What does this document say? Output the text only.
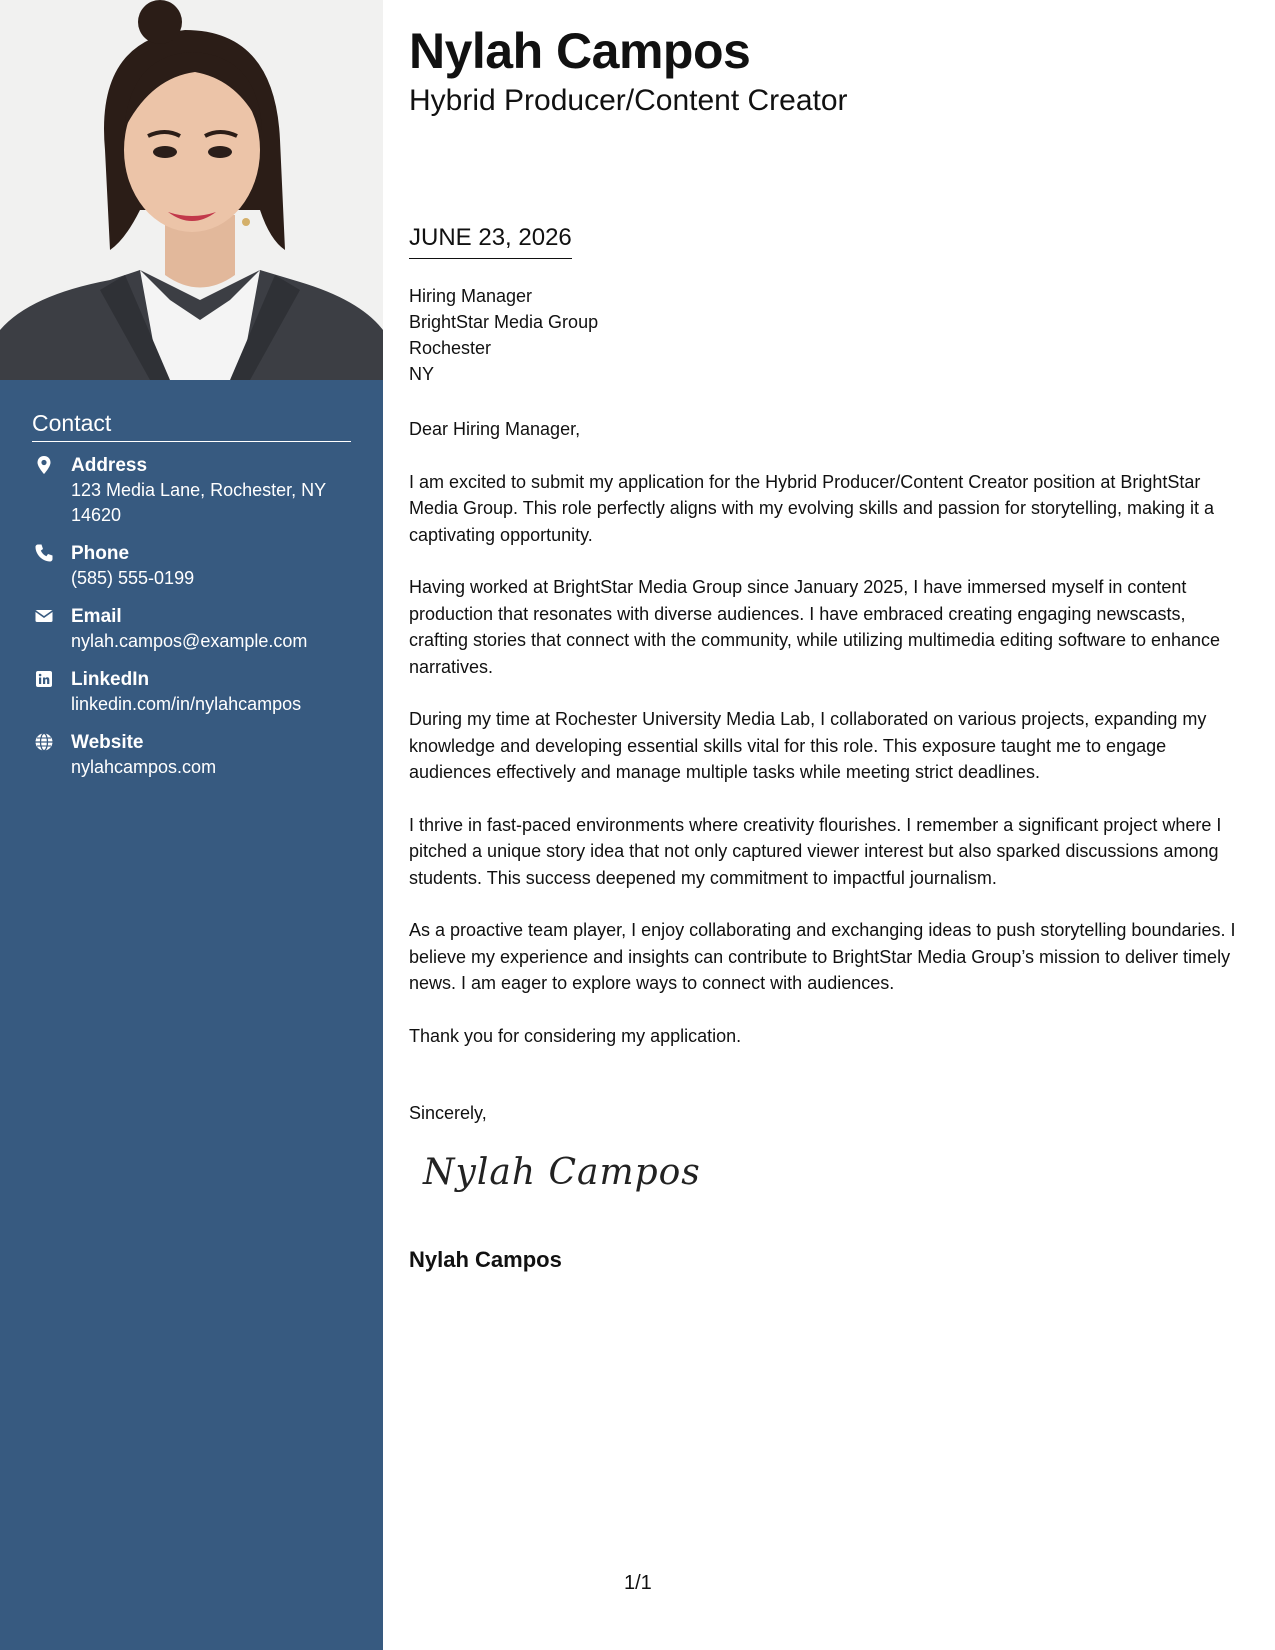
Contact
Address
123 Media Lane, Rochester, NY 14620
Phone
(585) 555-0199
Email
nylah.campos@example.com
LinkedIn
linkedin.com/in/nylahcampos
Website
nylahcampos.com
Nylah Campos
Hybrid Producer/Content Creator
JUNE 23, 2026
Hiring Manager
BrightStar Media Group
Rochester
NY
Dear Hiring Manager,

I am excited to submit my application for the Hybrid Producer/Content Creator position at BrightStar Media Group. This role perfectly aligns with my evolving skills and passion for storytelling, making it a captivating opportunity.

Having worked at BrightStar Media Group since January 2025, I have immersed myself in content production that resonates with diverse audiences. I have embraced creating engaging newscasts, crafting stories that connect with the community, while utilizing multimedia editing software to enhance narratives.

During my time at Rochester University Media Lab, I collaborated on various projects, expanding my knowledge and developing essential skills vital for this role. This exposure taught me to engage audiences effectively and manage multiple tasks while meeting strict deadlines.

I thrive in fast-paced environments where creativity flourishes. I remember a significant project where I pitched a unique story idea that not only captured viewer interest but also sparked discussions among students. This success deepened my commitment to impactful journalism.

As a proactive team player, I enjoy collaborating and exchanging ideas to push storytelling boundaries. I believe my experience and insights can contribute to BrightStar Media Group’s mission to deliver timely news. I am eager to explore ways to connect with audiences.

Thank you for considering my application.

Sincerely,
Nylah Campos
Nylah Campos
1/1
